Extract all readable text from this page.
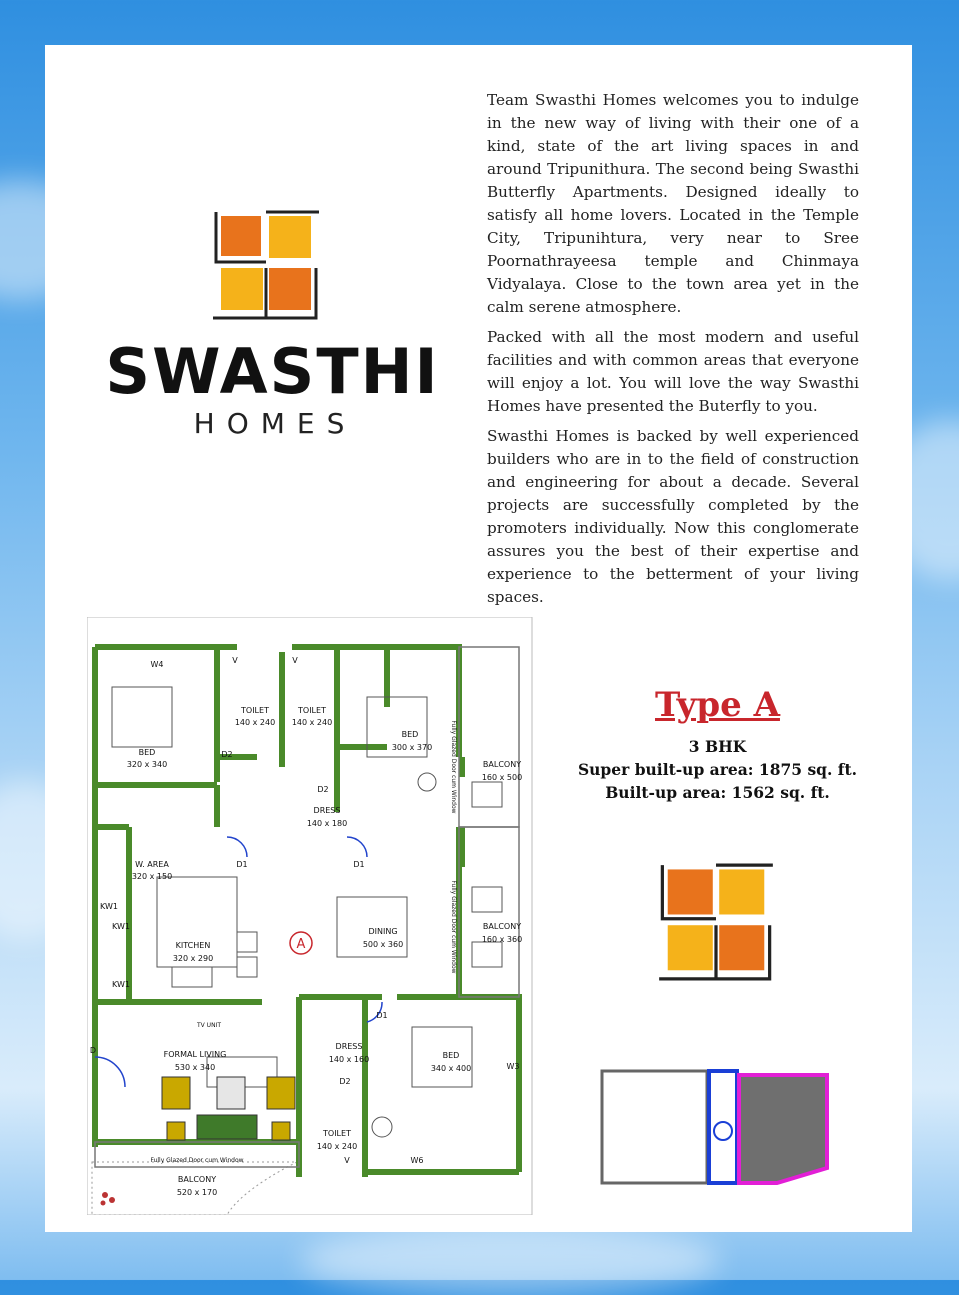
SWASTHI
HOMES

Team Swasthi Homes welcomes you to indulge in the new way of living with their one of a kind, state of the art living spaces in and around Tripunithura. The second being Swasthi Butterfly Apartments. Designed ideally to satisfy all home lovers. Located in the Temple City, Tripunihtura, very near to Sree Poornathrayeesa temple and Chinmaya Vidyalaya. Close to the town area yet in the calm serene atmosphere.

Packed with all the most modern and useful facilities and with common areas that everyone will enjoy a lot. You will love the way Swasthi Homes have presented the Buterfly to you.

Swasthi Homes is backed by well experienced builders who are in to the field of construction and engineering for about a decade. Several projects are successfully completed by the promoters individually. Now this conglomerate assures you the best of their expertise and experience to the betterment of your living spaces.

W4	V	V
V	W6
W3
D2
D2
D2
D1	D1
D1
KW1
KW1
KW1
D
TV UNIT
Fully Glazed Door cum Window
Fully Glazed Door cum Window
Fully Glazed Door cum Window
BED
320 x 340
TOILET
140 x 240
TOILET
140 x 240
BED
300 x 370
BALCONY
160 x 500
DRESS
140 x 180
W. AREA
320 x 150
KITCHEN
320 x 290
DINING
500 x 360
BALCONY
160 x 360
FORMAL LIVING
530 x 340
DRESS
140 x 160	BED
340 x 400
TOILET
140 x 240
BALCONY
520 x 170
A
Type A
3 BHK
Super built-up area: 1875 sq. ft.
Built-up area: 1562 sq. ft.
